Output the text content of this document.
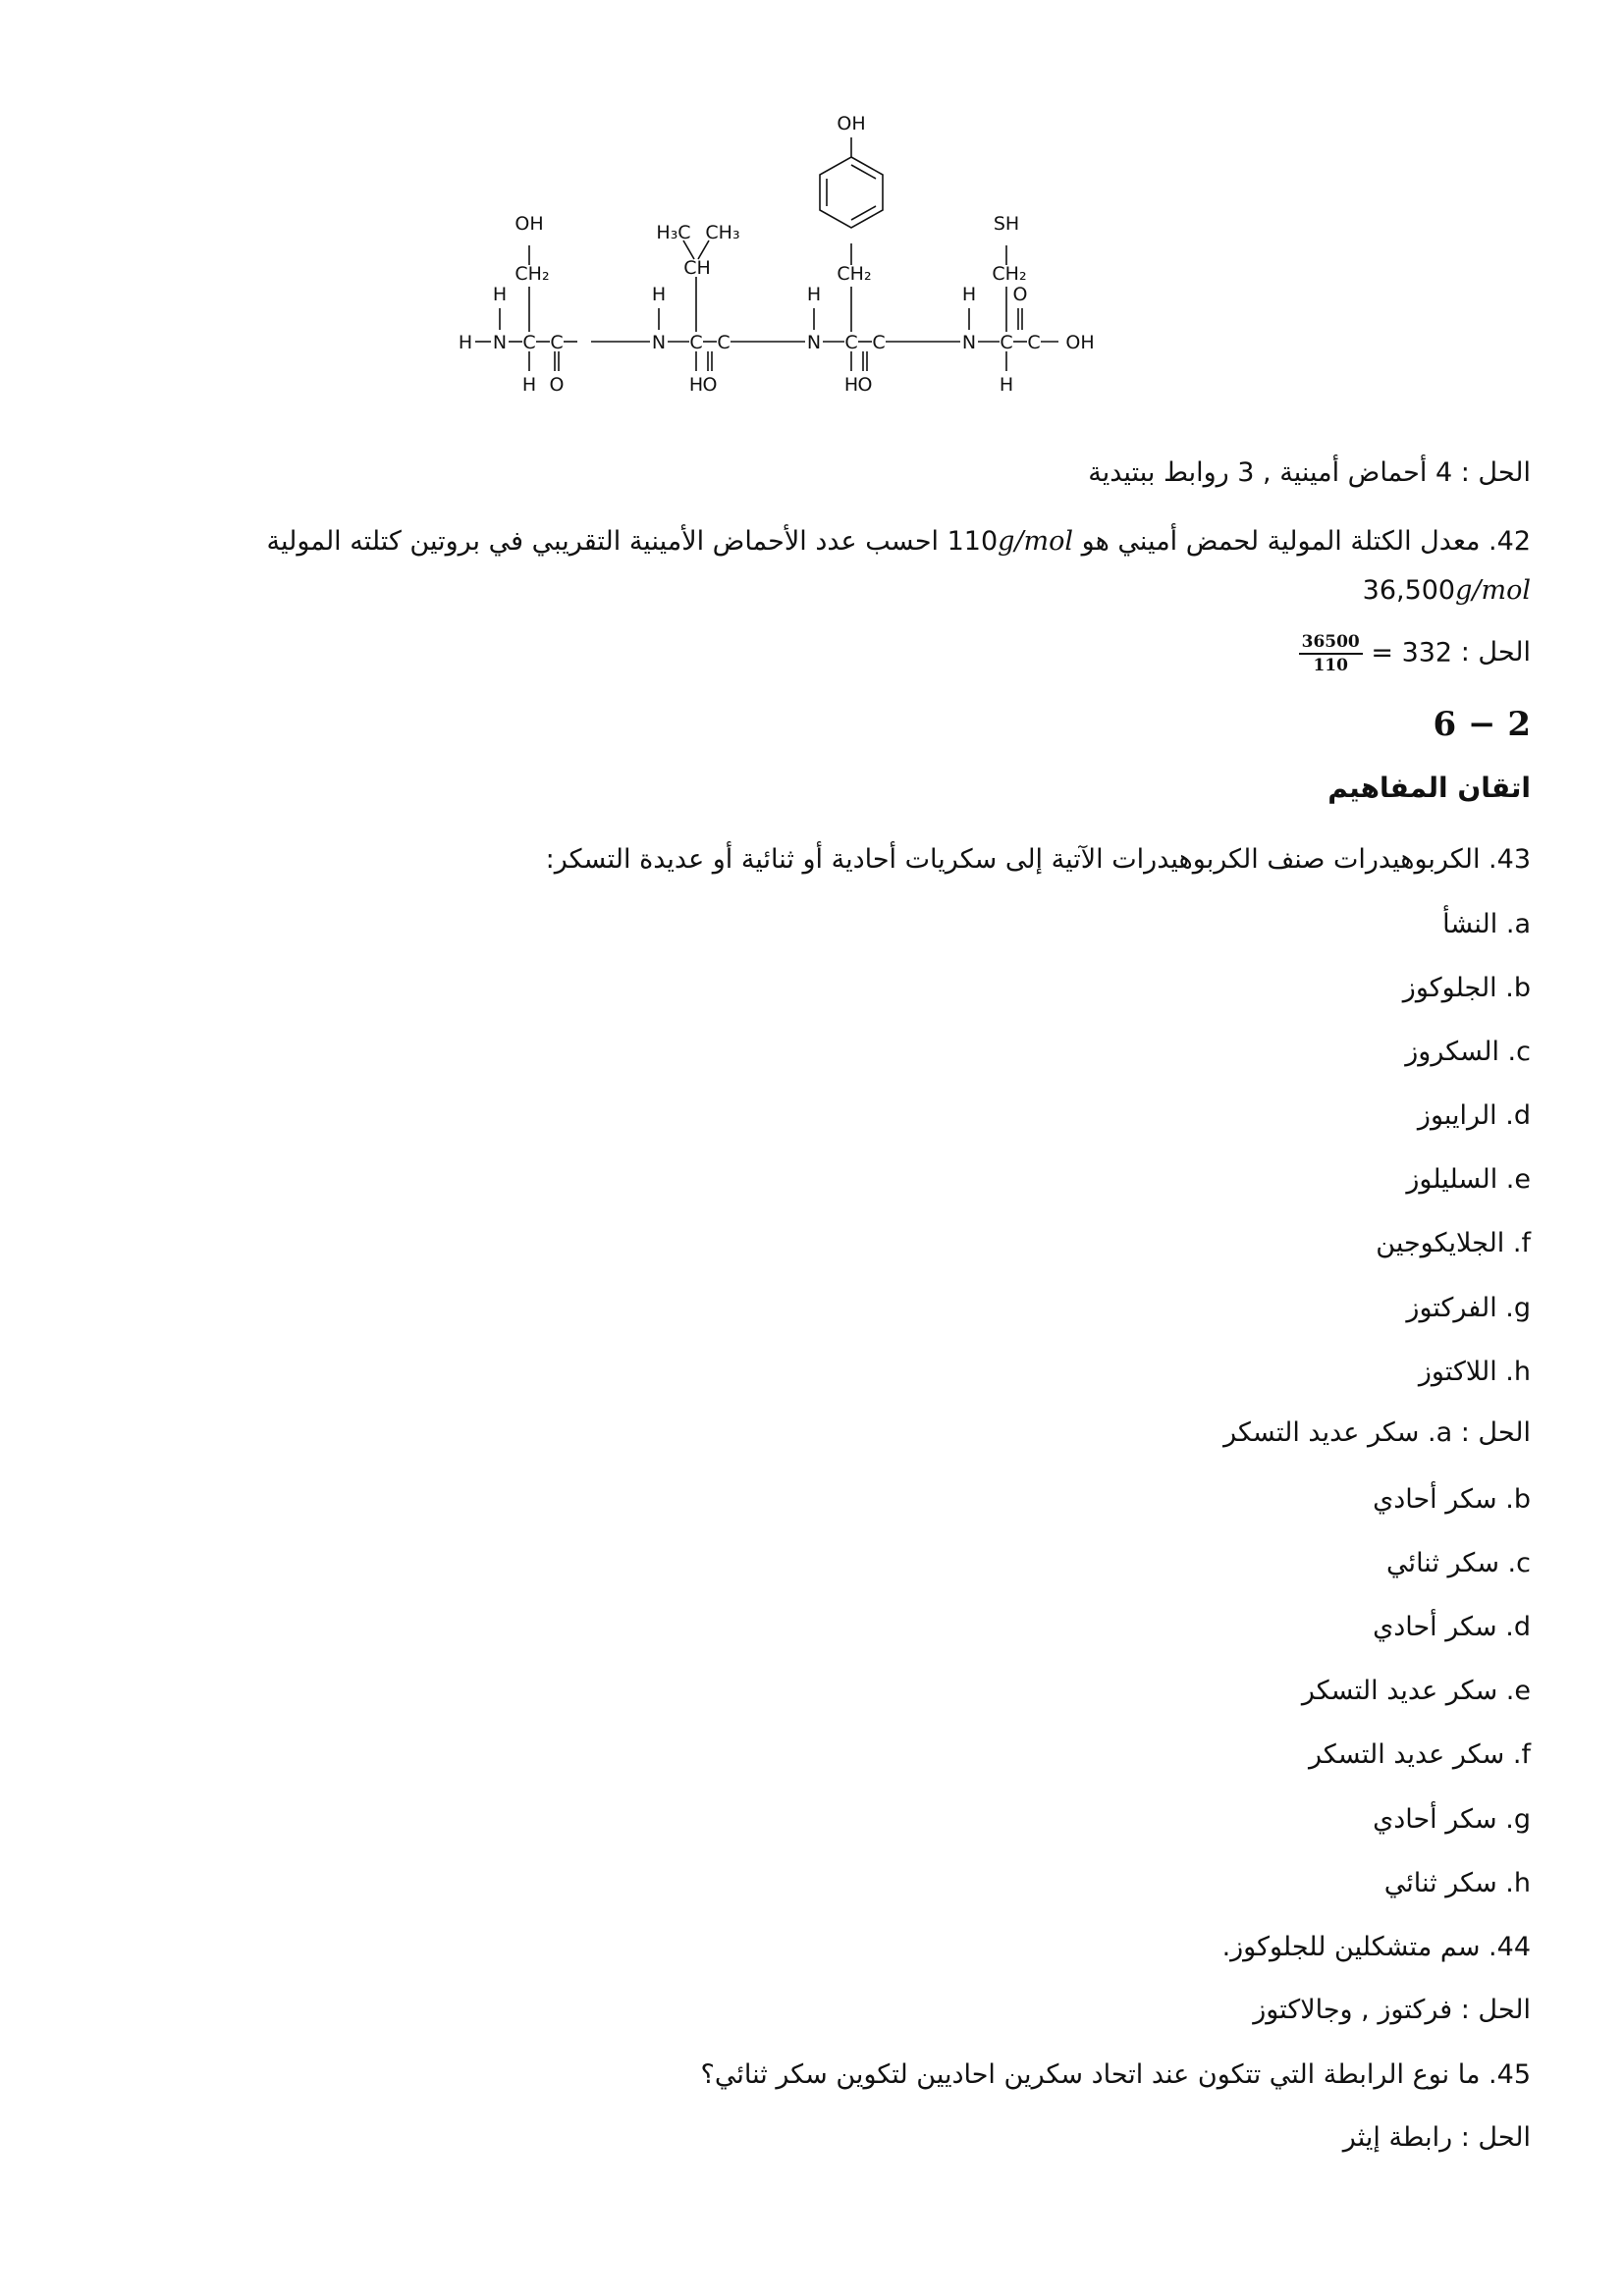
OH
OH
CH₂
H₃C CH₃
CH	CH₂
SH
CH₂
H	H	H	H
H N C C	N C C	N C C	N C C OH
O
H O	H O	H O	H
الحل : 4 أحماض أمينية , 3 روابط ببتيدية
42. معدل الكتلة المولية لحمض أميني هو 110g/mol احسب عدد الأحماض الأمينية التقريبي في بروتين كتلته المولية
36,500g/mol
الحل :
$\frac{36500}{110} = 332$
6 − 2
اتقان المفاهيم
43. الكربوهيدرات صنف الكربوهيدرات الآتية إلى سكريات أحادية أو ثنائية أو عديدة التسكر:
a. النشأ
b. الجلوكوز
c. السكروز
d. الرايبوز
e. السليلوز
f. الجلايكوجين
g. الفركتوز
h. اللاكتوز
الحل : a. سكر عديد التسكر
b. سكر أحادي
c. سكر ثنائي
d. سكر أحادي
e. سكر عديد التسكر
f. سكر عديد التسكر
g. سكر أحادي
h. سكر ثنائي
44. سم متشكلين للجلوكوز.
الحل : فركتوز , وجالاكتوز
45. ما نوع الرابطة التي تتكون عند اتحاد سكرين احاديين لتكوين سكر ثنائي؟
الحل : رابطة إيثر
